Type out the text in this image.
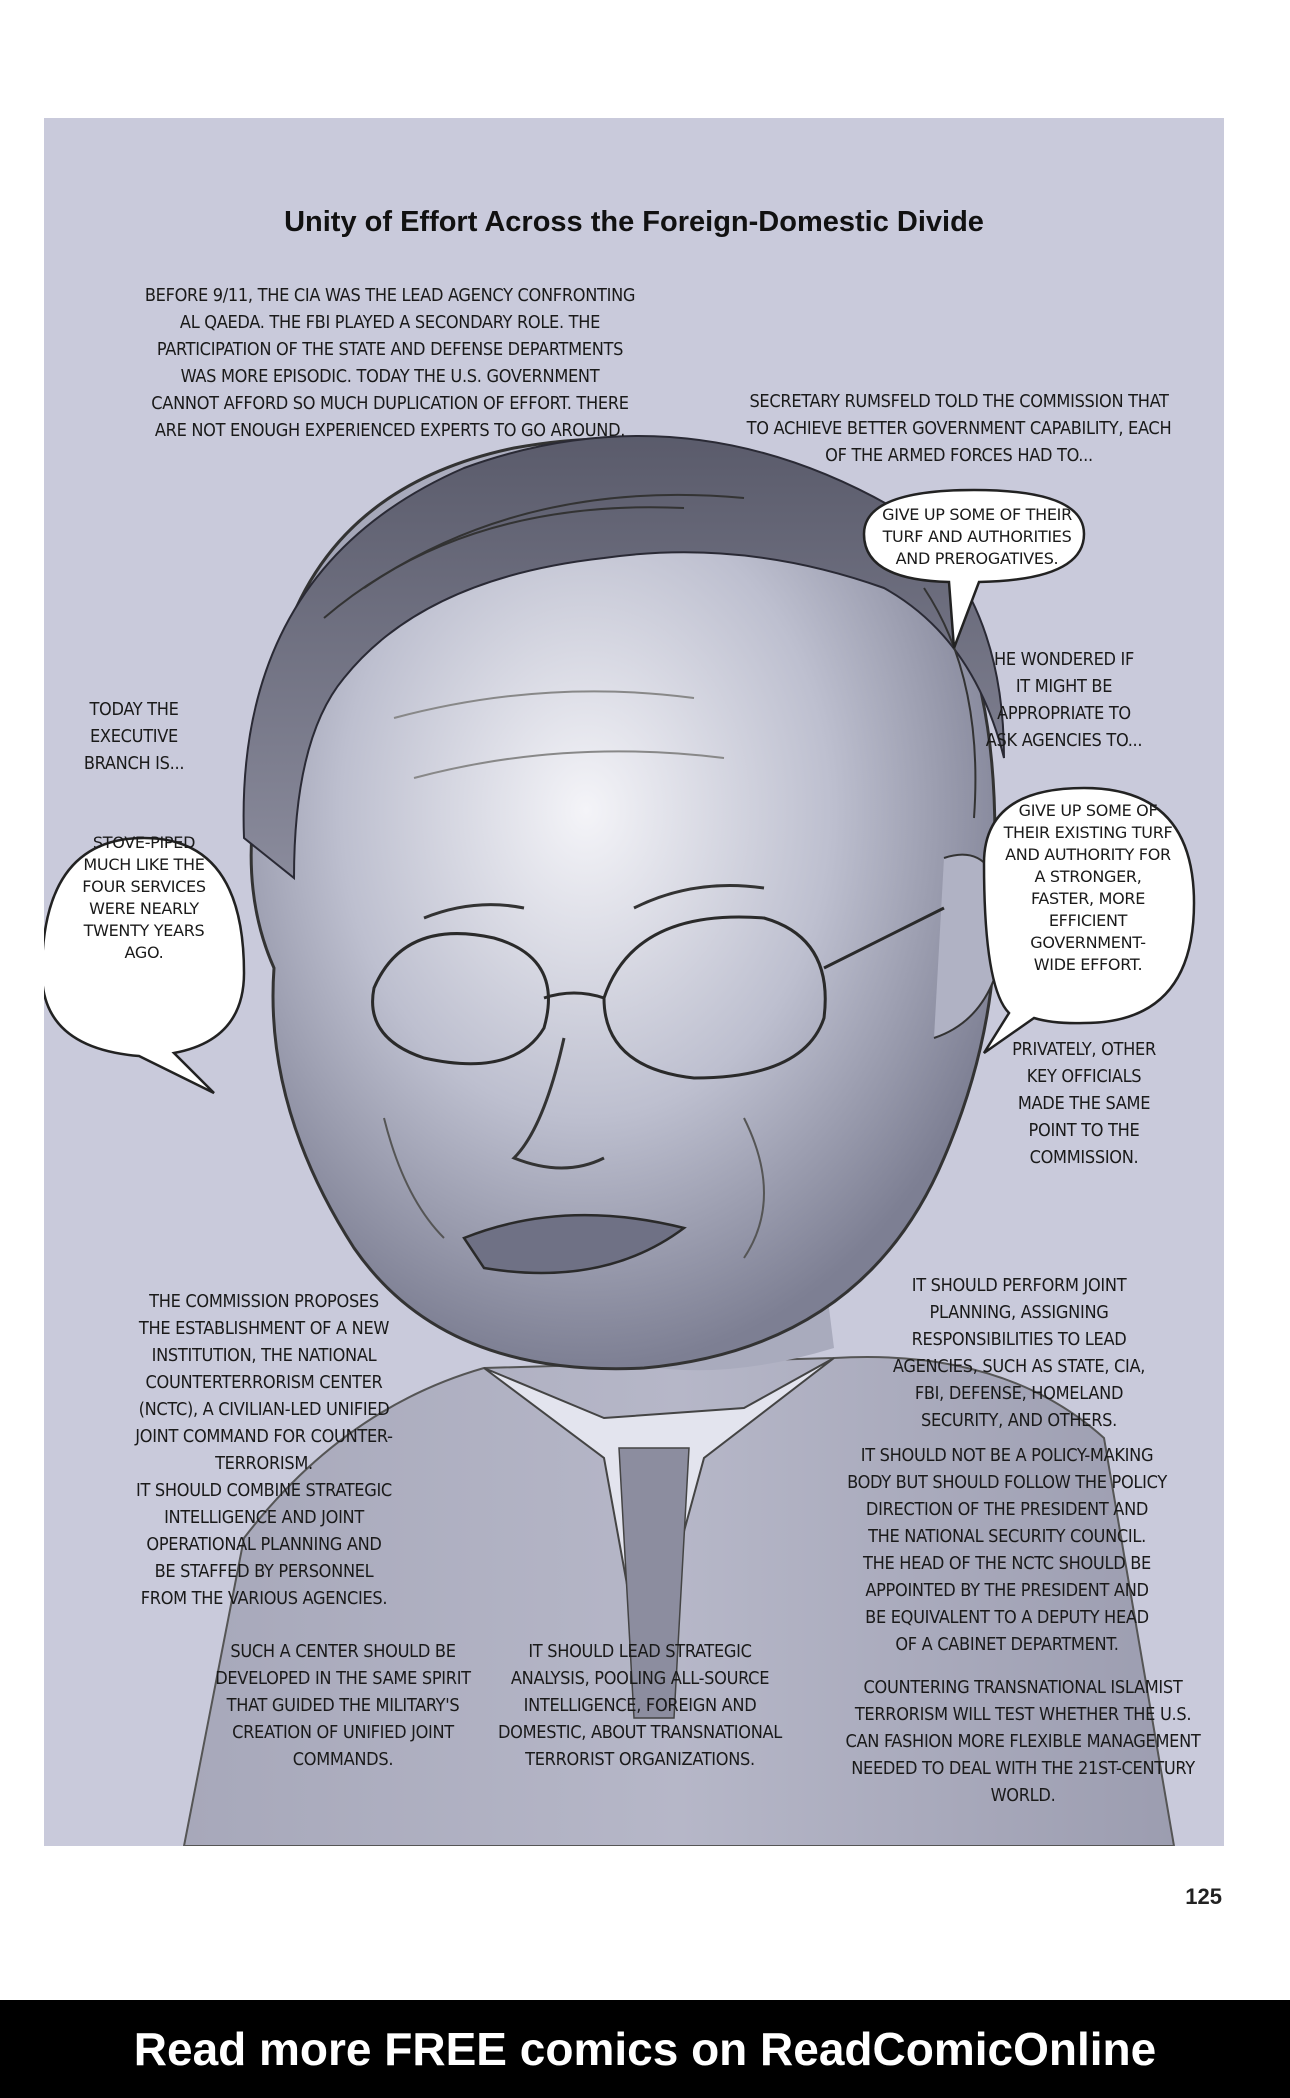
Unity of Effort Across the Foreign-Domestic Divide
BEFORE 9/11, THE CIA WAS THE LEAD AGENCY CONFRONTING
AL QAEDA. THE FBI PLAYED A SECONDARY ROLE. THE
PARTICIPATION OF THE STATE AND DEFENSE DEPARTMENTS
WAS MORE EPISODIC. TODAY THE U.S. GOVERNMENT
CANNOT AFFORD SO MUCH DUPLICATION OF EFFORT. THERE
ARE NOT ENOUGH EXPERIENCED EXPERTS TO GO AROUND.
SECRETARY RUMSFELD TOLD THE COMMISSION THAT
TO ACHIEVE BETTER GOVERNMENT CAPABILITY, EACH
OF THE ARMED FORCES HAD TO...
GIVE UP SOME OF THEIR
TURF AND AUTHORITIES
AND PREROGATIVES.
HE WONDERED IF
IT MIGHT BE
APPROPRIATE TO
ASK AGENCIES TO...
TODAY THE
EXECUTIVE
BRANCH IS...
STOVE-PIPED
MUCH LIKE THE
FOUR SERVICES
WERE NEARLY
TWENTY YEARS
AGO.
GIVE UP SOME OF
THEIR EXISTING TURF
AND AUTHORITY FOR
A STRONGER,
FASTER, MORE
EFFICIENT
GOVERNMENT-
WIDE EFFORT.
PRIVATELY, OTHER
KEY OFFICIALS
MADE THE SAME
POINT TO THE
COMMISSION.
THE COMMISSION PROPOSES
THE ESTABLISHMENT OF A NEW
INSTITUTION, THE NATIONAL
COUNTERTERRORISM CENTER
(NCTC), A CIVILIAN-LED UNIFIED
JOINT COMMAND FOR COUNTER-
TERRORISM.
IT SHOULD COMBINE STRATEGIC
INTELLIGENCE AND JOINT
OPERATIONAL PLANNING AND
BE STAFFED BY PERSONNEL
FROM THE VARIOUS AGENCIES.
IT SHOULD PERFORM JOINT
PLANNING, ASSIGNING
RESPONSIBILITIES TO LEAD
AGENCIES, SUCH AS STATE, CIA,
FBI, DEFENSE, HOMELAND
SECURITY, AND OTHERS.
IT SHOULD NOT BE A POLICY-MAKING
BODY BUT SHOULD FOLLOW THE POLICY
DIRECTION OF THE PRESIDENT AND
THE NATIONAL SECURITY COUNCIL.
THE HEAD OF THE NCTC SHOULD BE
APPOINTED BY THE PRESIDENT AND
BE EQUIVALENT TO A DEPUTY HEAD
OF A CABINET DEPARTMENT.
SUCH A CENTER SHOULD BE
DEVELOPED IN THE SAME SPIRIT
THAT GUIDED THE MILITARY'S
CREATION OF UNIFIED JOINT
COMMANDS.
IT SHOULD LEAD STRATEGIC
ANALYSIS, POOLING ALL-SOURCE
INTELLIGENCE, FOREIGN AND
DOMESTIC, ABOUT TRANSNATIONAL
TERRORIST ORGANIZATIONS.
COUNTERING TRANSNATIONAL ISLAMIST
TERRORISM WILL TEST WHETHER THE U.S.
CAN FASHION MORE FLEXIBLE MANAGEMENT
NEEDED TO DEAL WITH THE 21ST-CENTURY
WORLD.
125
Read more FREE comics on ReadComicOnline
